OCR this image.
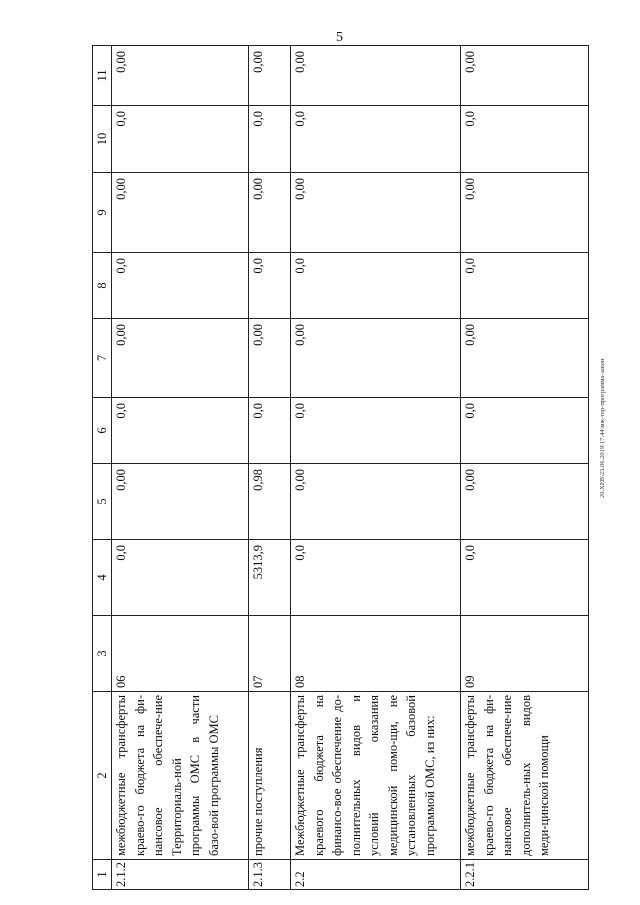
5
20.ХЕВ\23.06.2019\17.44\мж-тер-программа-закон
1	2	3	4	5	6	7	8	9	10	11
2.1.2	межбюджетные трансферты краево-го бюджета на фи-нансовое обеспече-ние Территориаль-ной программы ОМС в части базо-вой программы ОМС	06	0,0	0,00	0,0	0,00	0,0	0,00	0,0	0,00
2.1.3	прочие поступления	07	5313,9	0,98	0,0	0,00	0,0	0,00	0,0	0,00
2.2	Межбюджетные трансферты краевого бюджета на финансо-вое обеспечение до-полнительных видов и условий оказания медицинской помо-щи, не установленных базовой программой ОМС, из них:	08	0,0	0,00	0,0	0,00	0,0	0,00	0,0	0,00
2.2.1	межбюджетные трансферты краево-го бюджета на фи-нансовое обеспече-ние дополнитель-ных видов меди-цинской помощи	09	0,0	0,00	0,0	0,00	0,0	0,00	0,0	0,00
